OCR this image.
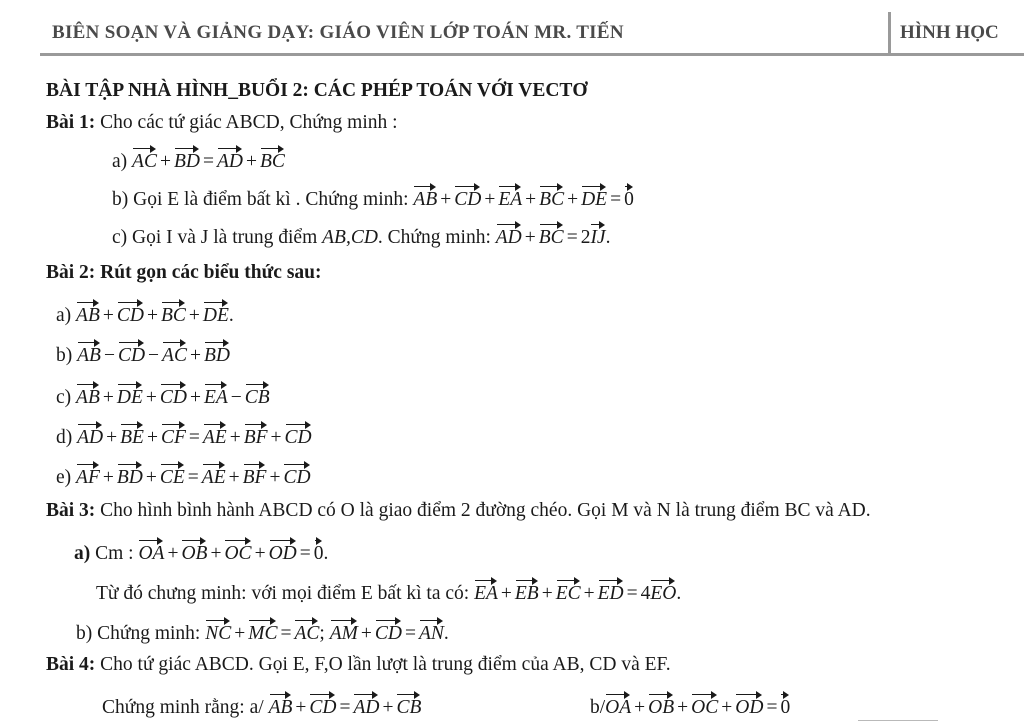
BIÊN SOẠN VÀ GIẢNG DẠY: GIÁO VIÊN LỚP TOÁN MR. TIẾN	HÌNH HỌC
BÀI TẬP NHÀ HÌNH_BUỔI 2: CÁC PHÉP TOÁN VỚI VECTƠ
Bài 1: Cho các tứ giác ABCD, Chứng minh :
a) AC + BD = AD + BC
b) Gọi E là điểm bất kì . Chứng minh: AB + CD + EA + BC + DE = 0
c) Gọi I và J là trung điểm AB,CD. Chứng minh: AD + BC = 2IJ.
Bài 2: Rút gọn các biểu thức sau:
a) AB + CD + BC + DE.
b) AB − CD − AC + BD
c) AB + DE + CD + EA − CB
d) AD + BE + CF = AE + BF + CD
e) AF + BD + CE = AE + BF + CD
Bài 3: Cho hình bình hành ABCD có O là giao điểm 2 đường chéo. Gọi M và N là trung điểm BC và AD.
a) Cm : OA + OB + OC + OD = 0.
Từ đó chưng minh: với mọi điểm E bất kì ta có: EA + EB + EC + ED = 4EO.
b) Chứng minh: NC + MC = AC; AM + CD = AN.
Bài 4: Cho tứ giác ABCD. Gọi E, F,O lần lượt là trung điểm của AB, CD và EF.
Chứng minh rằng: a/ AB + CD = AD + CB	b/OA + OB + OC + OD = 0
